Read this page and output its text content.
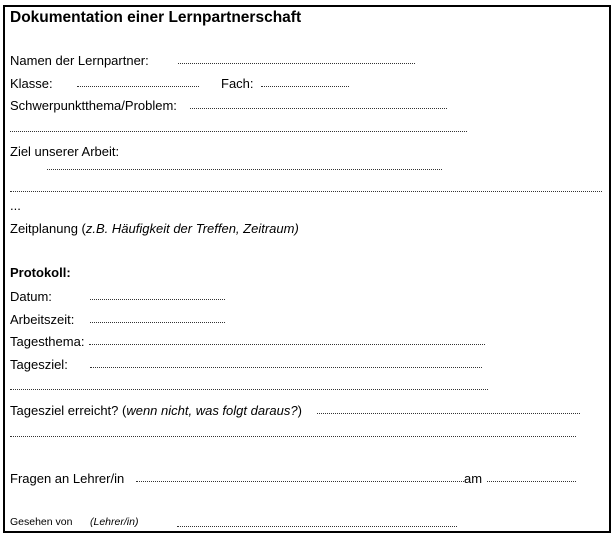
Dokumentation einer Lernpartnerschaft
Namen der Lernpartner:
Klasse:	Fach:
Schwerpunktthema/Problem:
Ziel unserer Arbeit:
...
Zeitplanung (z.B. Häufigkeit der Treffen, Zeitraum)
Protokoll:
Datum:
Arbeitszeit:
Tagesthema:
Tagesziel:
Tagesziel erreicht? (wenn nicht, was folgt daraus?)
Fragen an Lehrer/in	am
Gesehen von (Lehrer/in)
